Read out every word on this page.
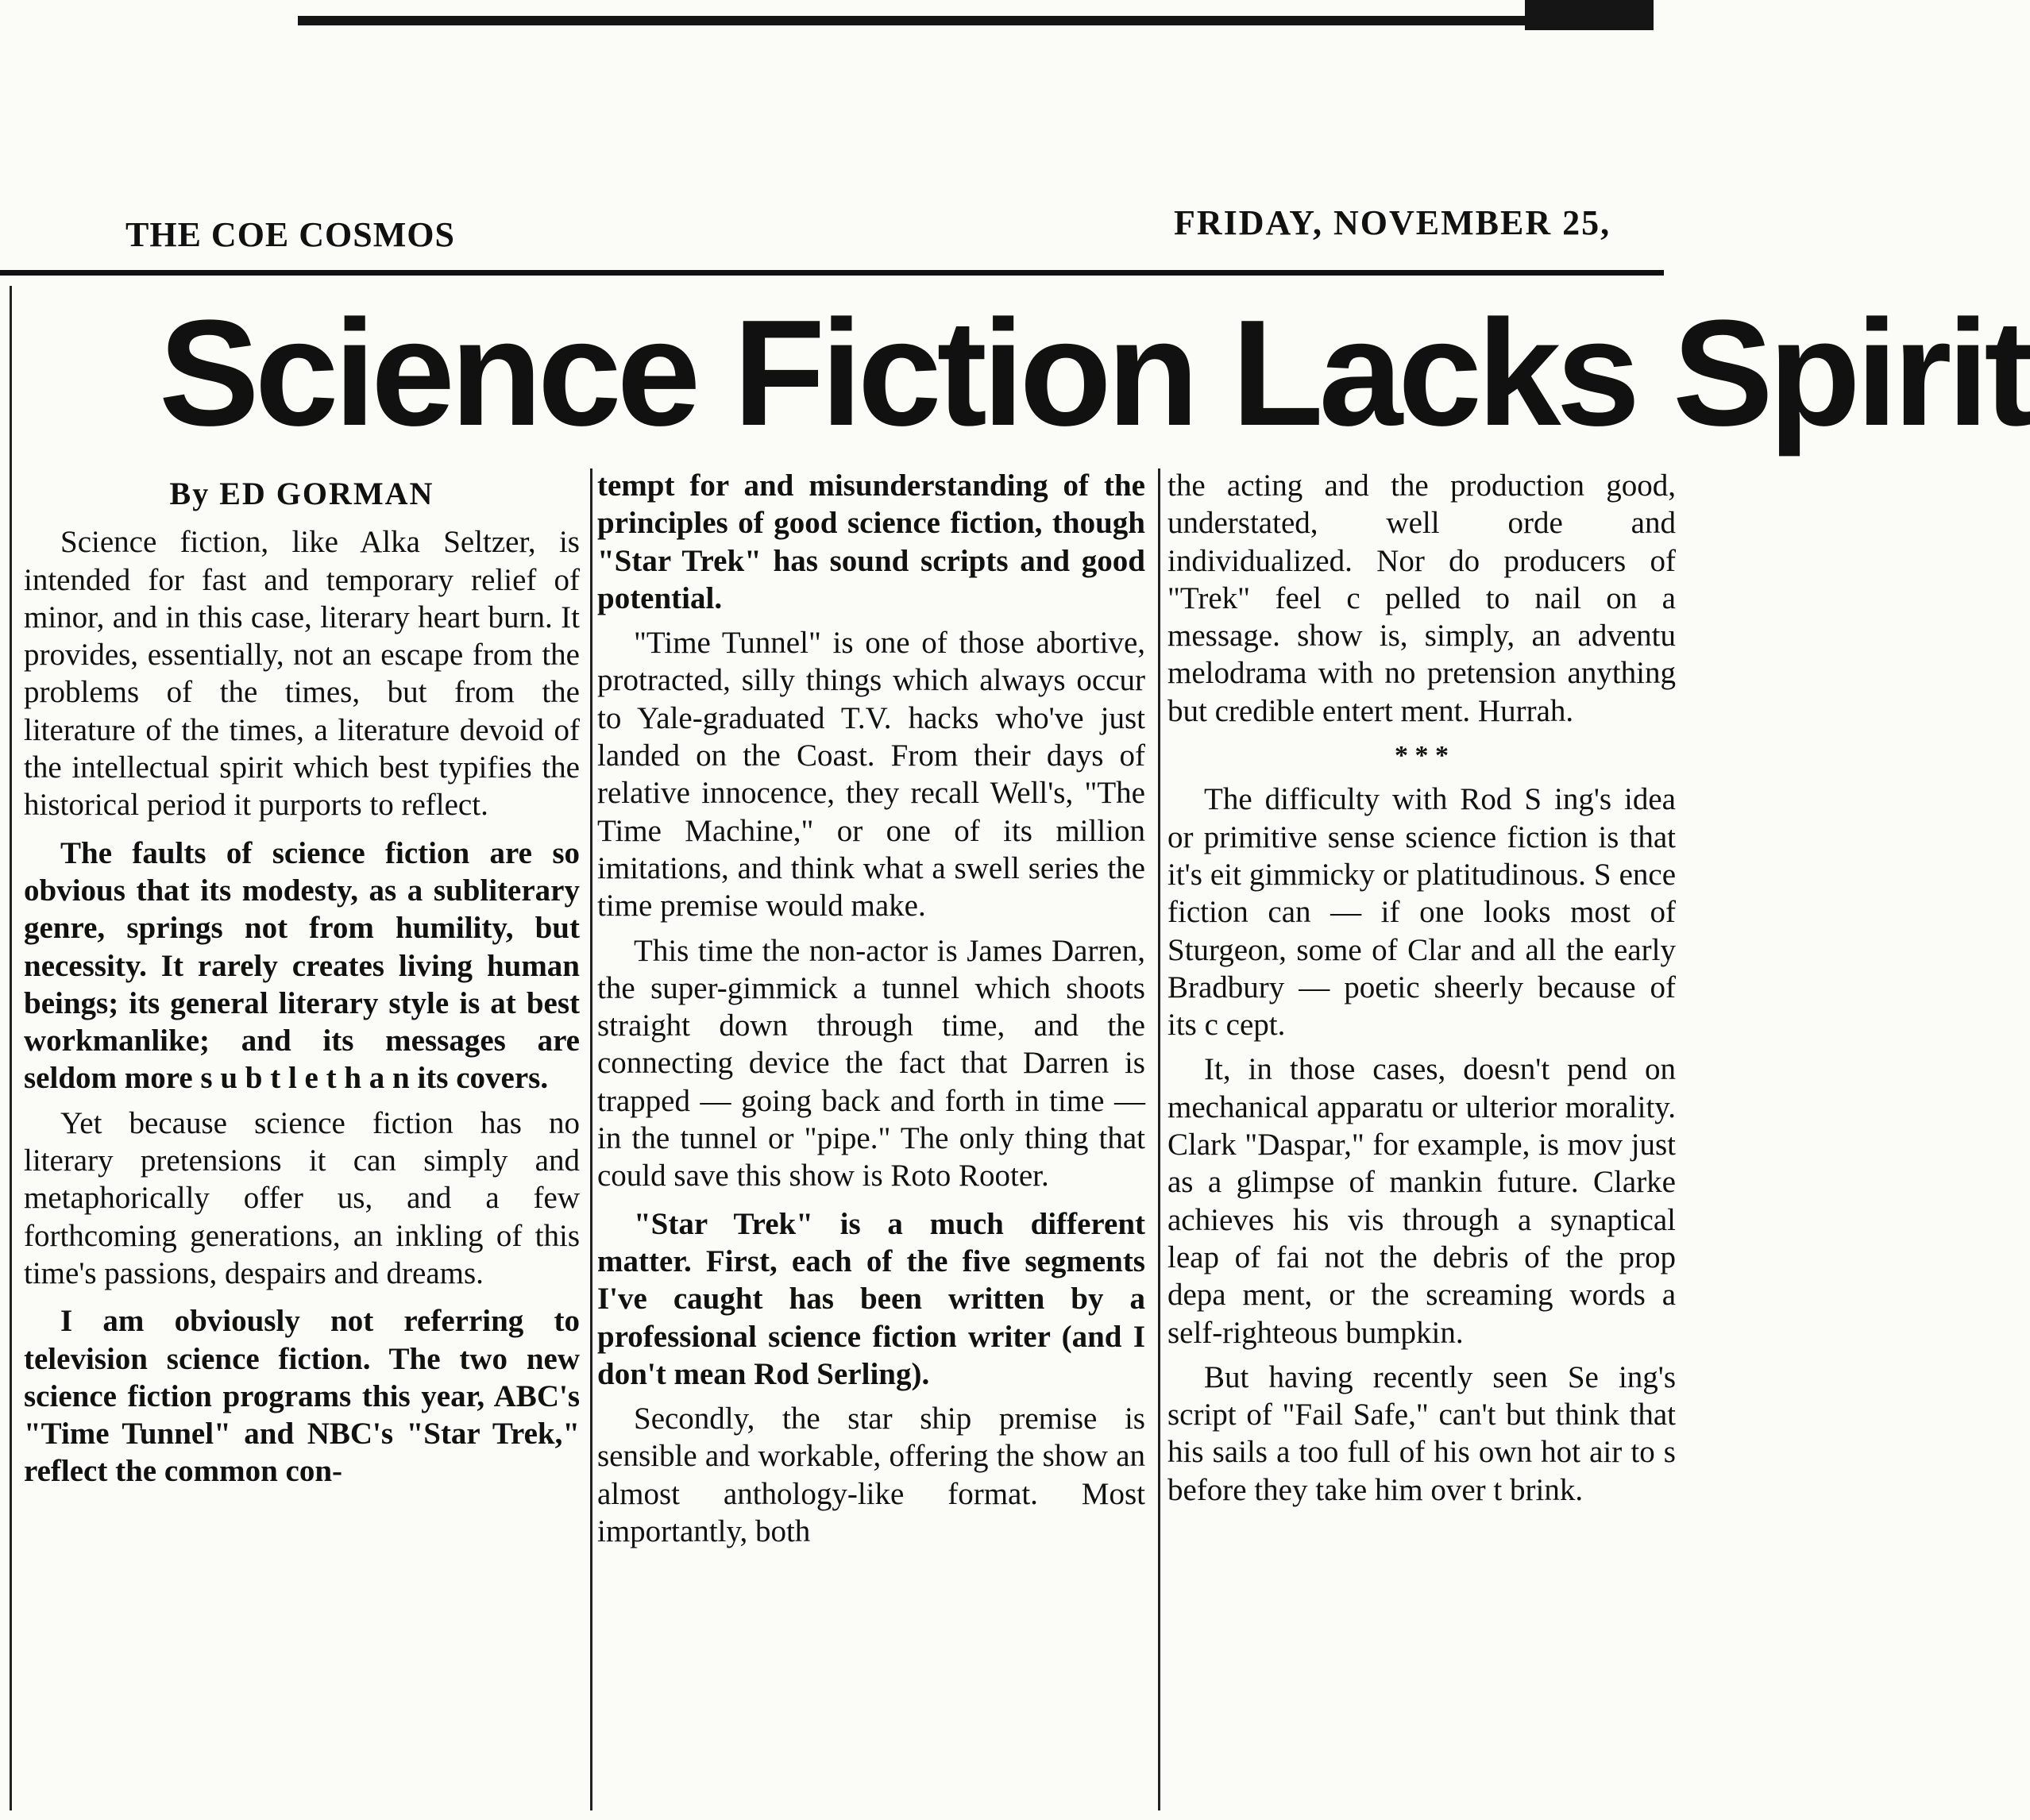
THE COE COSMOS	FRIDAY, NOVEMBER 25,
Science Fiction Lacks Spirit
By ED GORMAN

Science fiction, like Alka Seltzer, is intended for fast and temporary relief of minor, and in this case, literary heart burn. It provides, essentially, not an escape from the problems of the times, but from the literature of the times, a literature devoid of the intellectual spirit which best typifies the historical period it purports to reflect.

The faults of science fiction are so obvious that its modesty, as a subliterary genre, springs not from humility, but necessity. It rarely creates living human beings; its general literary style is at best workmanlike; and its messages are seldom more s u b t l e t h a n its covers.

Yet because science fiction has no literary pretensions it can simply and metaphorically offer us, and a few forthcoming generations, an inkling of this time's passions, despairs and dreams.

I am obviously not referring to television science fiction. The two new science fiction programs this year, ABC's "Time Tunnel" and NBC's "Star Trek," reflect the common con-

tempt for and misunderstanding of the principles of good science fiction, though "Star Trek" has sound scripts and good potential.

"Time Tunnel" is one of those abortive, protracted, silly things which always occur to Yale-graduated T.V. hacks who've just landed on the Coast. From their days of relative innocence, they recall Well's, "The Time Machine," or one of its million imitations, and think what a swell series the time premise would make.

This time the non-actor is James Darren, the super-gimmick a tunnel which shoots straight down through time, and the connecting device the fact that Darren is trapped — going back and forth in time — in the tunnel or "pipe." The only thing that could save this show is Roto Rooter.

"Star Trek" is a much different matter. First, each of the five segments I've caught has been written by a professional science fiction writer (and I don't mean Rod Serling).

Secondly, the star ship premise is sensible and workable, offering the show an almost anthology-like format. Most importantly, both

the acting and the production good, understated, well orde and individualized. Nor do producers of "Trek" feel c pelled to nail on a message. show is, simply, an adventu melodrama with no pretension anything but credible entert ment. Hurrah.

* * *

The difficulty with Rod S ing's idea or primitive sense science fiction is that it's eit gimmicky or platitudinous. S ence fiction can — if one looks most of Sturgeon, some of Clar and all the early Bradbury — poetic sheerly because of its c cept.

It, in those cases, doesn't pend on mechanical apparatu or ulterior morality. Clark "Daspar," for example, is mov just as a glimpse of mankin future. Clarke achieves his vis through a synaptical leap of fai not the debris of the prop depa ment, or the screaming words a self-righteous bumpkin.

But having recently seen Se ing's script of "Fail Safe," can't but think that his sails a too full of his own hot air to s before they take him over t brink.
